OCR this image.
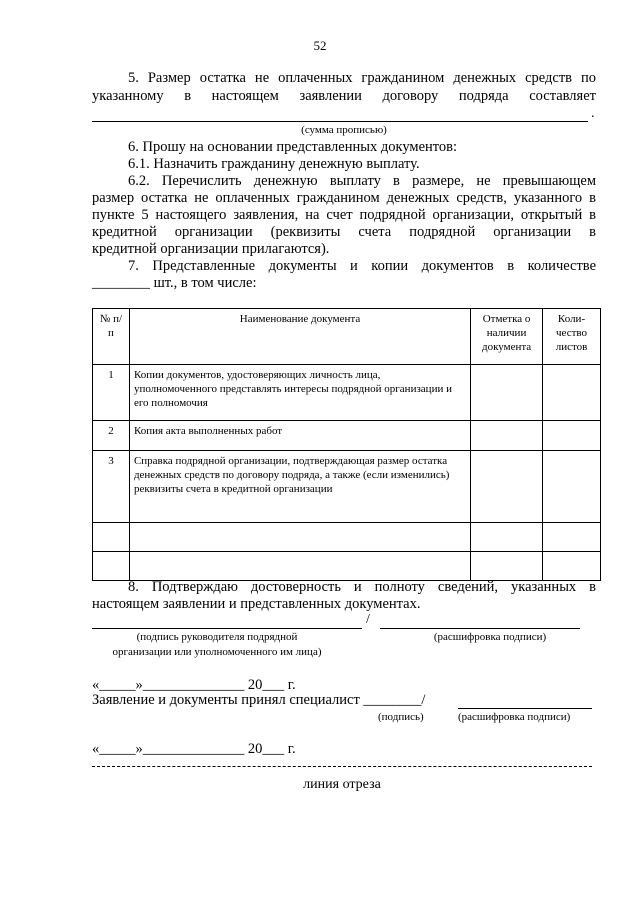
52
5. Размер остатка не оплаченных гражданином денежных средств по
указанному в настоящем заявлении договору подряда составляет
.
(сумма прописью)
6. Прошу на основании представленных документов:
6.1. Назначить гражданину денежную выплату.
6.2. Перечислить денежную выплату в размере, не превышающем
размер остатка не оплаченных гражданином денежных средств, указанного в
пункте 5 настоящего заявления, на счет подрядной организации, открытый в
кредитной организации (реквизиты счета подрядной организации в
кредитной организации прилагаются).
7. Представленные документы и копии документов в количестве
________ шт., в том числе:
№ п/п	Наименование документа	Отметка о наличии документа	Коли-чество листов
1	Копии документов, удостоверяющих личность лица, уполномоченного представлять интересы подрядной организации и его полномочия		
2	Копия акта выполненных работ		
3	Справка подрядной организации, подтверждающая размер остатка денежных средств по договору подряда, а также (если изменились) реквизиты счета в кредитной организации		

8. Подтверждаю достоверность и полноту сведений, указанных в
настоящем заявлении и представленных документах.
/
(подпись руководителя подрядной
организации или уполномоченного им лица)
(расшифровка подписи)
«_____»______________ 20___ г.
Заявление и документы принял специалист ________/
(подпись)	(расшифровка подписи)
«_____»______________ 20___ г.
линия отреза
